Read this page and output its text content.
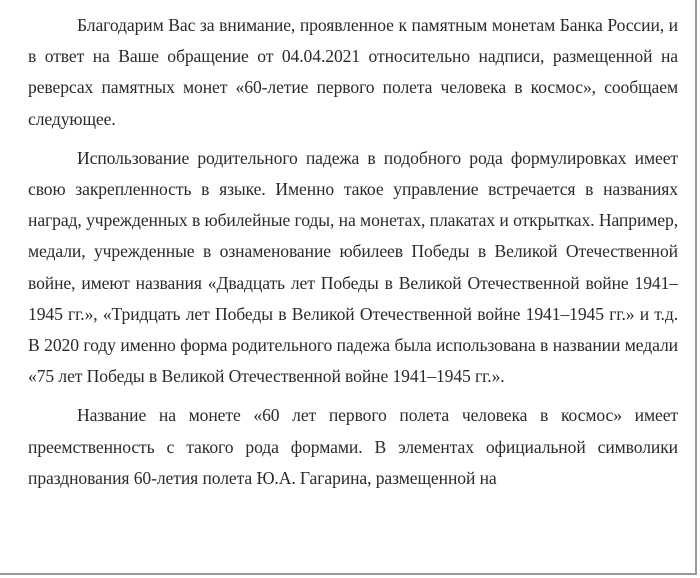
Благодарим Вас за внимание, проявленное к памятным монетам Банка России, и в ответ на Ваше обращение от 04.04.2021 относительно надписи, размещенной на реверсах памятных монет «60-летие первого полета человека в космос», сообщаем следующее.

Использование родительного падежа в подобного рода формулировках имеет свою закрепленность в языке. Именно такое управление встречается в названиях наград, учрежденных в юбилейные годы, на монетах, плакатах и открытках. Например, медали, учрежденные в ознаменование юбилеев Победы в Великой Отечественной войне, имеют названия «Двадцать лет Победы в Великой Отечественной войне 1941–1945 гг.», «Тридцать лет Победы в Великой Отечественной войне 1941–1945 гг.» и т.д. В 2020 году именно форма родительного падежа была использована в названии медали «75 лет Победы в Великой Отечественной войне 1941–1945 гг.».

Название на монете «60 лет первого полета человека в космос» имеет преемственность с такого рода формами. В элементах официальной символики празднования 60-летия полета Ю.А. Гагарина, размещенной на
